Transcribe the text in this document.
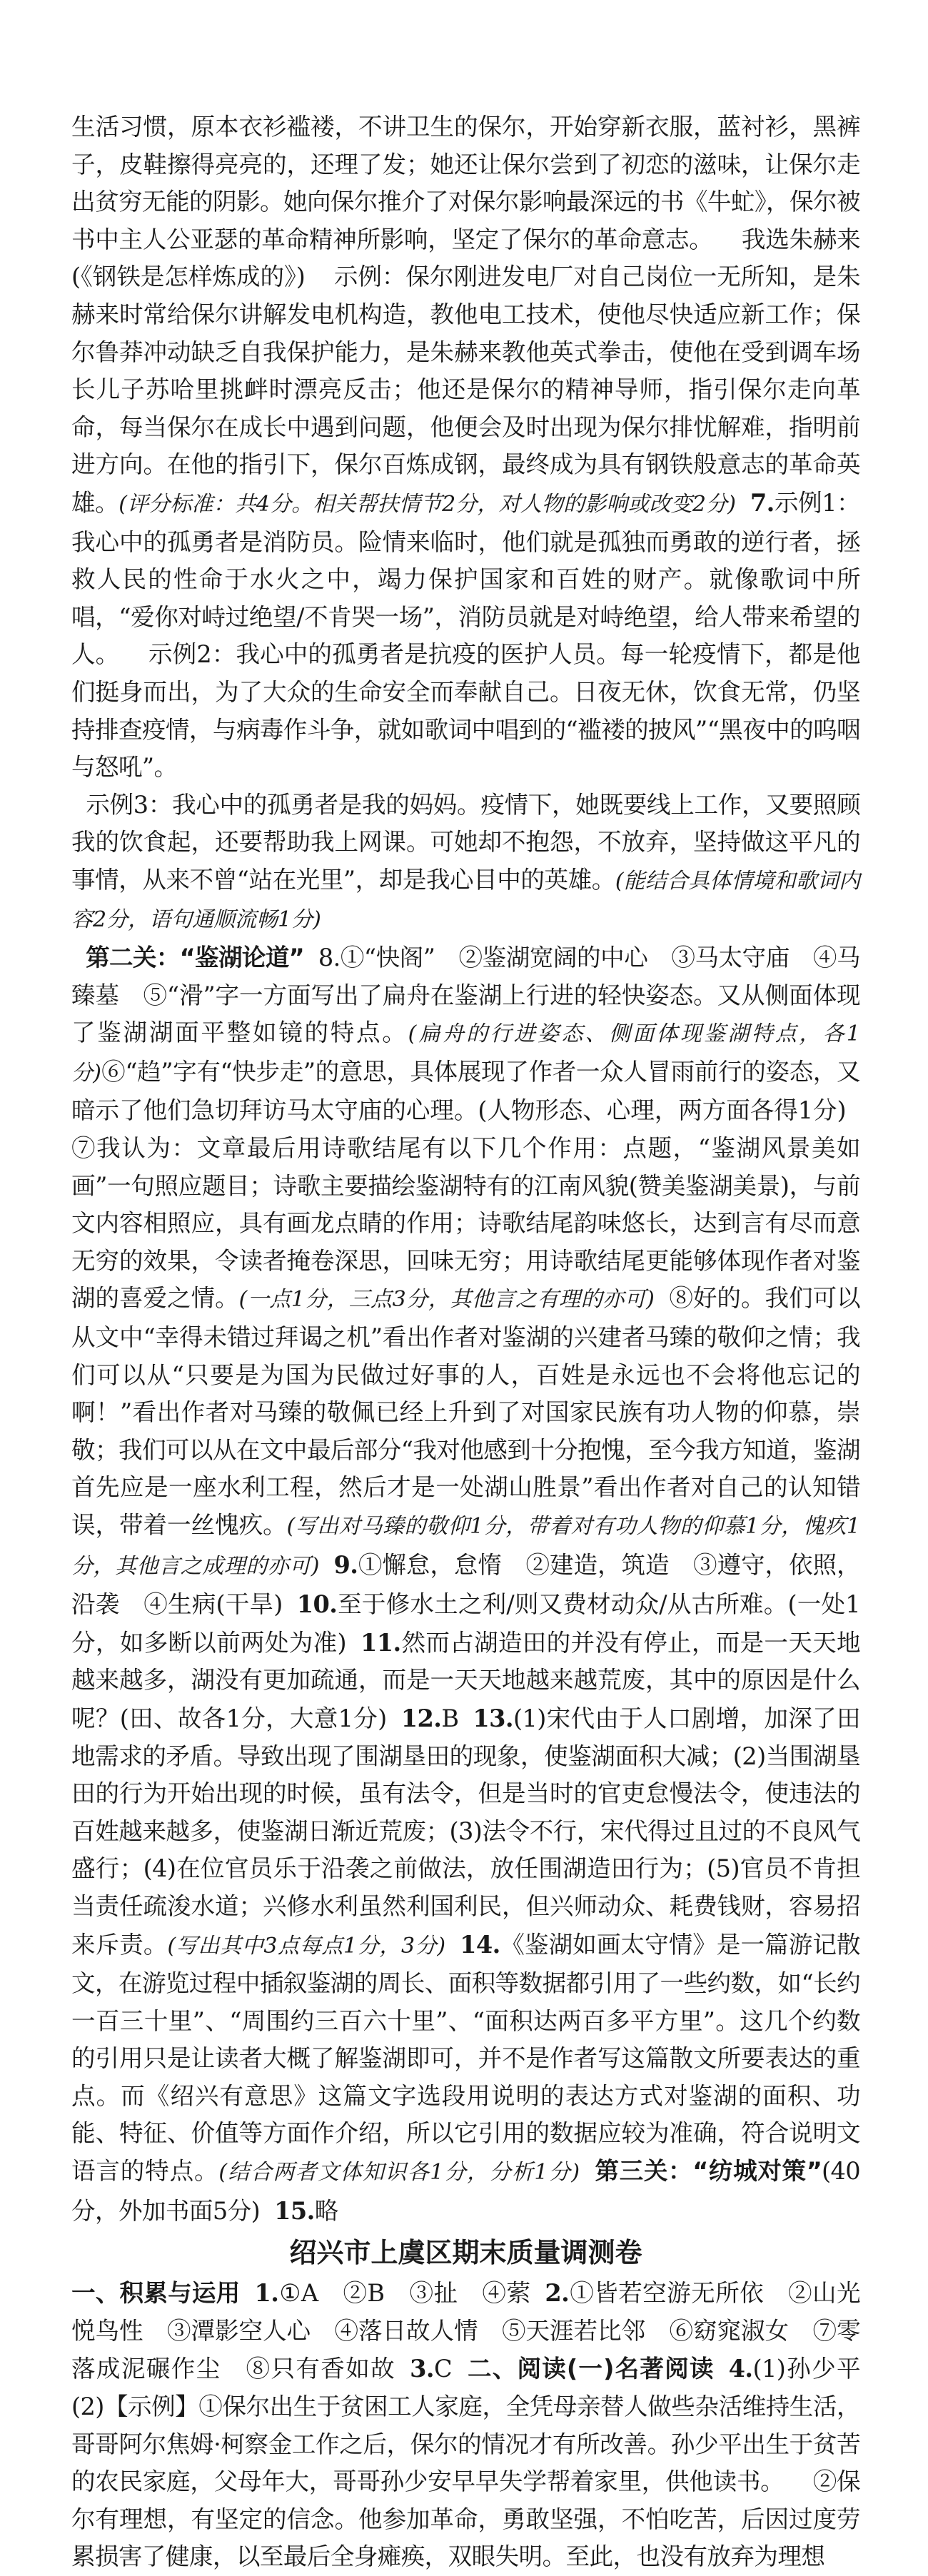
生活习惯，原本衣衫褴褛，不讲卫生的保尔，开始穿新衣服，蓝衬衫，黑裤子，皮鞋擦得亮亮的，还理了发；她还让保尔尝到了初恋的滋味，让保尔走出贫穷无能的阴影。她向保尔推介了对保尔影响最深远的书《牛虻》，保尔被书中主人公亚瑟的革命精神所影响，坚定了保尔的革命意志。 我选朱赫来(《钢铁是怎样炼成的》) 示例：保尔刚进发电厂对自己岗位一无所知，是朱赫来时常给保尔讲解发电机构造，教他电工技术，使他尽快适应新工作；保尔鲁莽冲动缺乏自我保护能力，是朱赫来教他英式拳击，使他在受到调车场长儿子苏哈里挑衅时漂亮反击；他还是保尔的精神导师，指引保尔走向革命，每当保尔在成长中遇到问题，他便会及时出现为保尔排忧解难，指明前进方向。在他的指引下，保尔百炼成钢，最终成为具有钢铁般意志的革命英雄。(评分标准：共4分。相关帮扶情节2分，对人物的影响或改变2分) 7.示例1：我心中的孤勇者是消防员。险情来临时，他们就是孤独而勇敢的逆行者，拯救人民的性命于水火之中，竭力保护国家和百姓的财产。就像歌词中所唱，“爱你对峙过绝望/不肯哭一场”，消防员就是对峙绝望，给人带来希望的人。 示例2：我心中的孤勇者是抗疫的医护人员。每一轮疫情下，都是他们挺身而出，为了大众的生命安全而奉献自己。日夜无休，饮食无常，仍坚持排查疫情，与病毒作斗争，就如歌词中唱到的“褴褛的披风”“黑夜中的呜咽与怒吼”。

示例3：我心中的孤勇者是我的妈妈。疫情下，她既要线上工作，又要照顾我的饮食起，还要帮助我上网课。可她却不抱怨，不放弃，坚持做这平凡的事情，从来不曾“站在光里”，却是我心目中的英雄。(能结合具体情境和歌词内容2分，语句通顺流畅1分)

第二关：“鉴湖论道” 8.①“快阁”　②鉴湖宽阔的中心　③马太守庙　④马臻墓　⑤“滑”字一方面写出了扁舟在鉴湖上行进的轻快姿态。又从侧面体现了鉴湖湖面平整如镜的特点。(扁舟的行进姿态、侧面体现鉴湖特点，各1分)⑥“趋”字有“快步走”的意思，具体展现了作者一众人冒雨前行的姿态，又暗示了他们急切拜访马太守庙的心理。(人物形态、心理，两方面各得1分)⑦我认为：文章最后用诗歌结尾有以下几个作用：点题，“鉴湖风景美如画”一句照应题目；诗歌主要描绘鉴湖特有的江南风貌(赞美鉴湖美景)，与前文内容相照应，具有画龙点睛的作用；诗歌结尾韵味悠长，达到言有尽而意无穷的效果，令读者掩卷深思，回味无穷；用诗歌结尾更能够体现作者对鉴湖的喜爱之情。(一点1分，三点3分，其他言之有理的亦可) ⑧好的。我们可以从文中“幸得未错过拜谒之机”看出作者对鉴湖的兴建者马臻的敬仰之情；我们可以从“只要是为国为民做过好事的人，百姓是永远也不会将他忘记的啊！”看出作者对马臻的敬佩已经上升到了对国家民族有功人物的仰慕，崇敬；我们可以从在文中最后部分“我对他感到十分抱愧，至今我方知道，鉴湖首先应是一座水利工程，然后才是一处湖山胜景”看出作者对自己的认知错误，带着一丝愧疚。(写出对马臻的敬仰1分，带着对有功人物的仰慕1分，愧疚1分，其他言之成理的亦可) 9.①懈怠，怠惰　②建造，筑造　③遵守，依照，沿袭　④生病(干旱) 10.至于修水土之利/则又费材动众/从古所难。(一处1分，如多断以前两处为准) 11.然而占湖造田的并没有停止，而是一天天地越来越多，湖没有更加疏通，而是一天天地越来越荒废，其中的原因是什么呢？(田、故各1分，大意1分) 12.B 13.(1)宋代由于人口剧增，加深了田地需求的矛盾。导致出现了围湖垦田的现象，使鉴湖面积大减；(2)当围湖垦田的行为开始出现的时候，虽有法令，但是当时的官吏怠慢法令，使违法的百姓越来越多，使鉴湖日渐近荒废；(3)法令不行，宋代得过且过的不良风气盛行；(4)在位官员乐于沿袭之前做法，放任围湖造田行为；(5)官员不肯担当责任疏浚水道；兴修水利虽然利国利民，但兴师动众、耗费钱财，容易招来斥责。(写出其中3点每点1分，3分) 14.《鉴湖如画太守情》是一篇游记散文，在游览过程中插叙鉴湖的周长、面积等数据都引用了一些约数，如“长约一百三十里”、“周围约三百六十里”、“面积达两百多平方里”。这几个约数的引用只是让读者大概了解鉴湖即可，并不是作者写这篇散文所要表达的重点。而《绍兴有意思》这篇文字选段用说明的表达方式对鉴湖的面积、功能、特征、价值等方面作介绍，所以它引用的数据应较为准确，符合说明文语言的特点。(结合两者文体知识各1分，分析1分) 第三关：“纺城对策”(40分，外加书面5分) 15.略

绍兴市上虞区期末质量调测卷

一、积累与运用 1.①A　②B　③扯　④萦 2.①皆若空游无所依　②山光悦鸟性　③潭影空人心　④落日故人情　⑤天涯若比邻　⑥窈窕淑女　⑦零落成泥碾作尘　⑧只有香如故 3.C 二、阅读(一)名著阅读 4.(1)孙少平　(2)【示例】①保尔出生于贫困工人家庭，全凭母亲替人做些杂活维持生活，哥哥阿尔焦姆·柯察金工作之后，保尔的情况才有所改善。孙少平出生于贫苦的农民家庭，父母年大，哥哥孙少安早早失学帮着家里，供他读书。 ②保尔有理想，有坚定的信念。他参加革命，勇敢坚强，不怕吃苦，后因过度劳累损害了健康，以至最后全身瘫痪，双眼失明。至此，也没有放弃为理想
